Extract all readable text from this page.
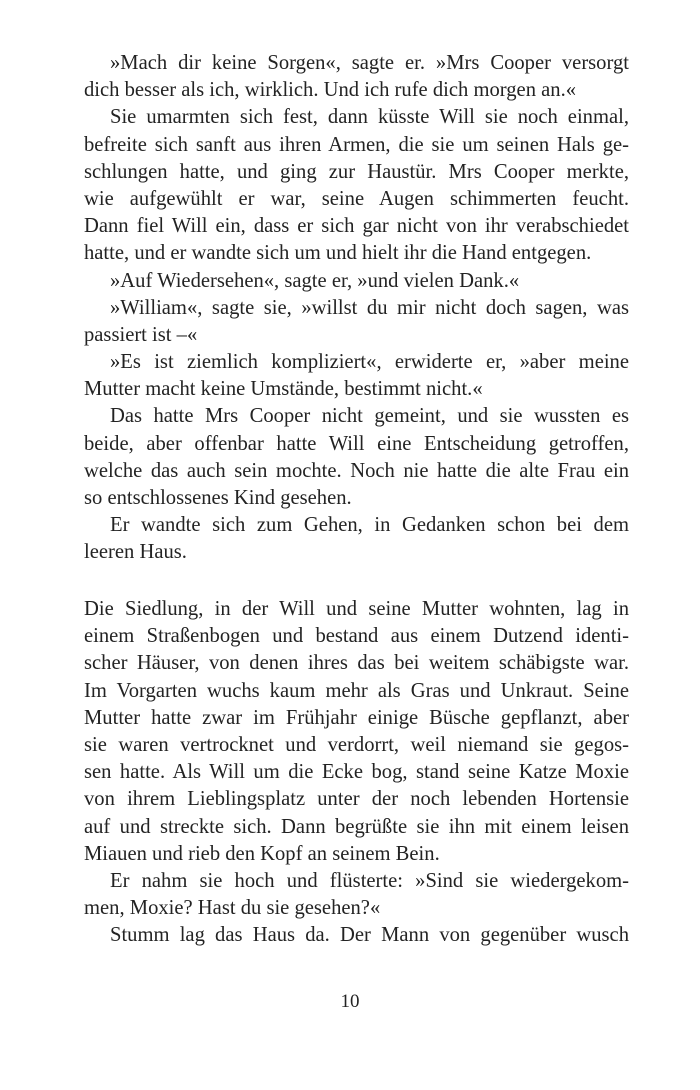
»Mach dir keine Sorgen«, sagte er. »Mrs Cooper versorgt
dich besser als ich, wirklich. Und ich rufe dich morgen an.«
Sie umarmten sich fest, dann küsste Will sie noch einmal,
befreite sich sanft aus ihren Armen, die sie um seinen Hals ge-
schlungen hatte, und ging zur Haustür. Mrs Cooper merkte,
wie aufgewühlt er war, seine Augen schimmerten feucht.
Dann fiel Will ein, dass er sich gar nicht von ihr verabschiedet
hatte, und er wandte sich um und hielt ihr die Hand entgegen.
»Auf Wiedersehen«, sagte er, »und vielen Dank.«
»William«, sagte sie, »willst du mir nicht doch sagen, was
passiert ist –«
»Es ist ziemlich kompliziert«, erwiderte er, »aber meine
Mutter macht keine Umstände, bestimmt nicht.«
Das hatte Mrs Cooper nicht gemeint, und sie wussten es
beide, aber offenbar hatte Will eine Entscheidung getroffen,
welche das auch sein mochte. Noch nie hatte die alte Frau ein
so entschlossenes Kind gesehen.
Er wandte sich zum Gehen, in Gedanken schon bei dem
leeren Haus.
Die Siedlung, in der Will und seine Mutter wohnten, lag in
einem Straßenbogen und bestand aus einem Dutzend identi-
scher Häuser, von denen ihres das bei weitem schäbigste war.
Im Vorgarten wuchs kaum mehr als Gras und Unkraut. Seine
Mutter hatte zwar im Frühjahr einige Büsche gepflanzt, aber
sie waren vertrocknet und verdorrt, weil niemand sie gegos-
sen hatte. Als Will um die Ecke bog, stand seine Katze Moxie
von ihrem Lieblingsplatz unter der noch lebenden Hortensie
auf und streckte sich. Dann begrüßte sie ihn mit einem leisen
Miauen und rieb den Kopf an seinem Bein.
Er nahm sie hoch und flüsterte: »Sind sie wiedergekom-
men, Moxie? Hast du sie gesehen?«
Stumm lag das Haus da. Der Mann von gegenüber wusch
10
